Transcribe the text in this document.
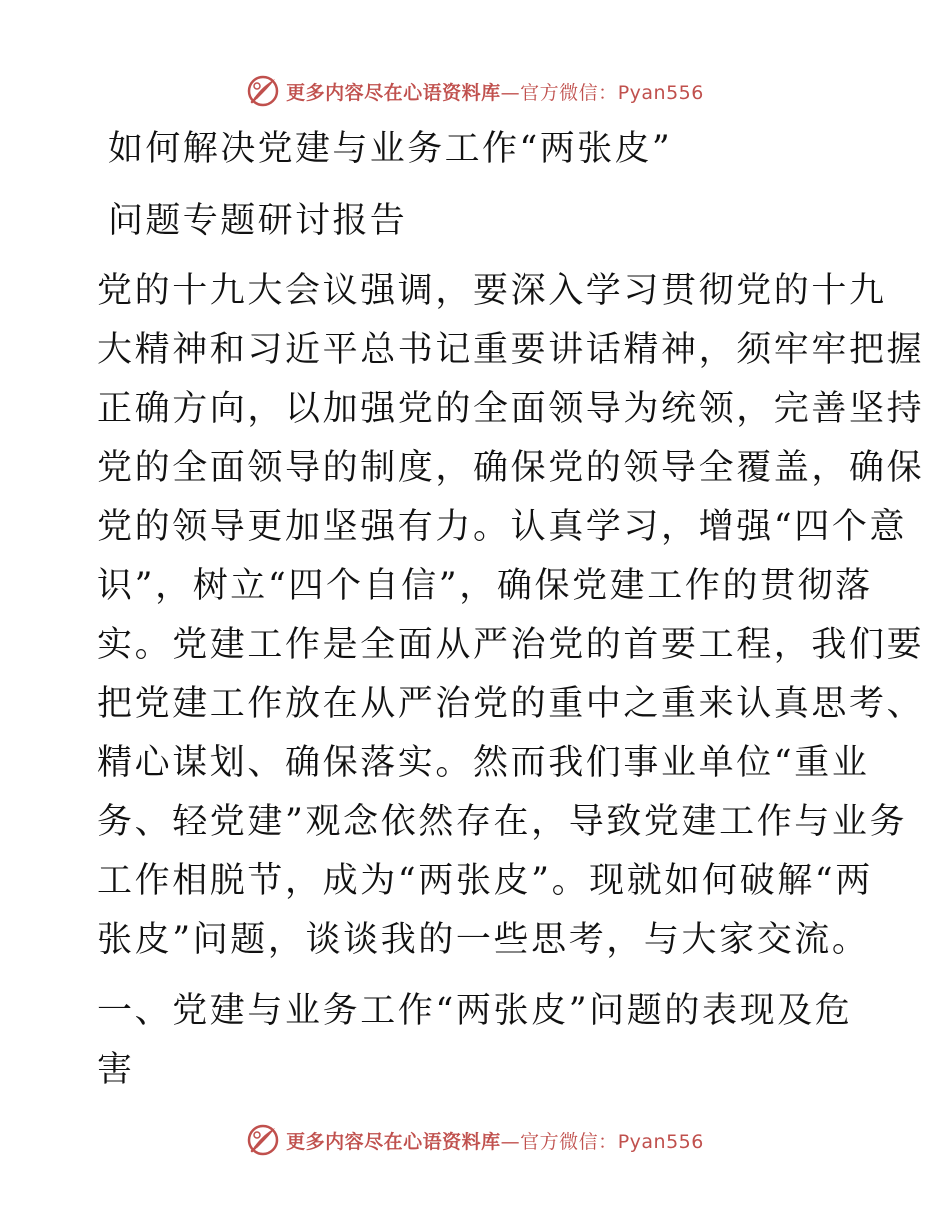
更多内容尽在心语资料库—官方微信：Pyan556
如何解决党建与业务工作“两张皮”
问题专题研讨报告
党的十九大会议强调，要深入学习贯彻党的十九
大精神和习近平总书记重要讲话精神，须牢牢把握
正确方向，以加强党的全面领导为统领，完善坚持
党的全面领导的制度，确保党的领导全覆盖，确保
党的领导更加坚强有力。认真学习，增强“四个意
识”，树立“四个自信”，确保党建工作的贯彻落
实。党建工作是全面从严治党的首要工程，我们要
把党建工作放在从严治党的重中之重来认真思考、
精心谋划、确保落实。然而我们事业单位“重业
务、轻党建”观念依然存在，导致党建工作与业务
工作相脱节，成为“两张皮”。现就如何破解“两
张皮”问题，谈谈我的一些思考，与大家交流。
一、党建与业务工作“两张皮”问题的表现及危
害
更多内容尽在心语资料库—官方微信：Pyan556
